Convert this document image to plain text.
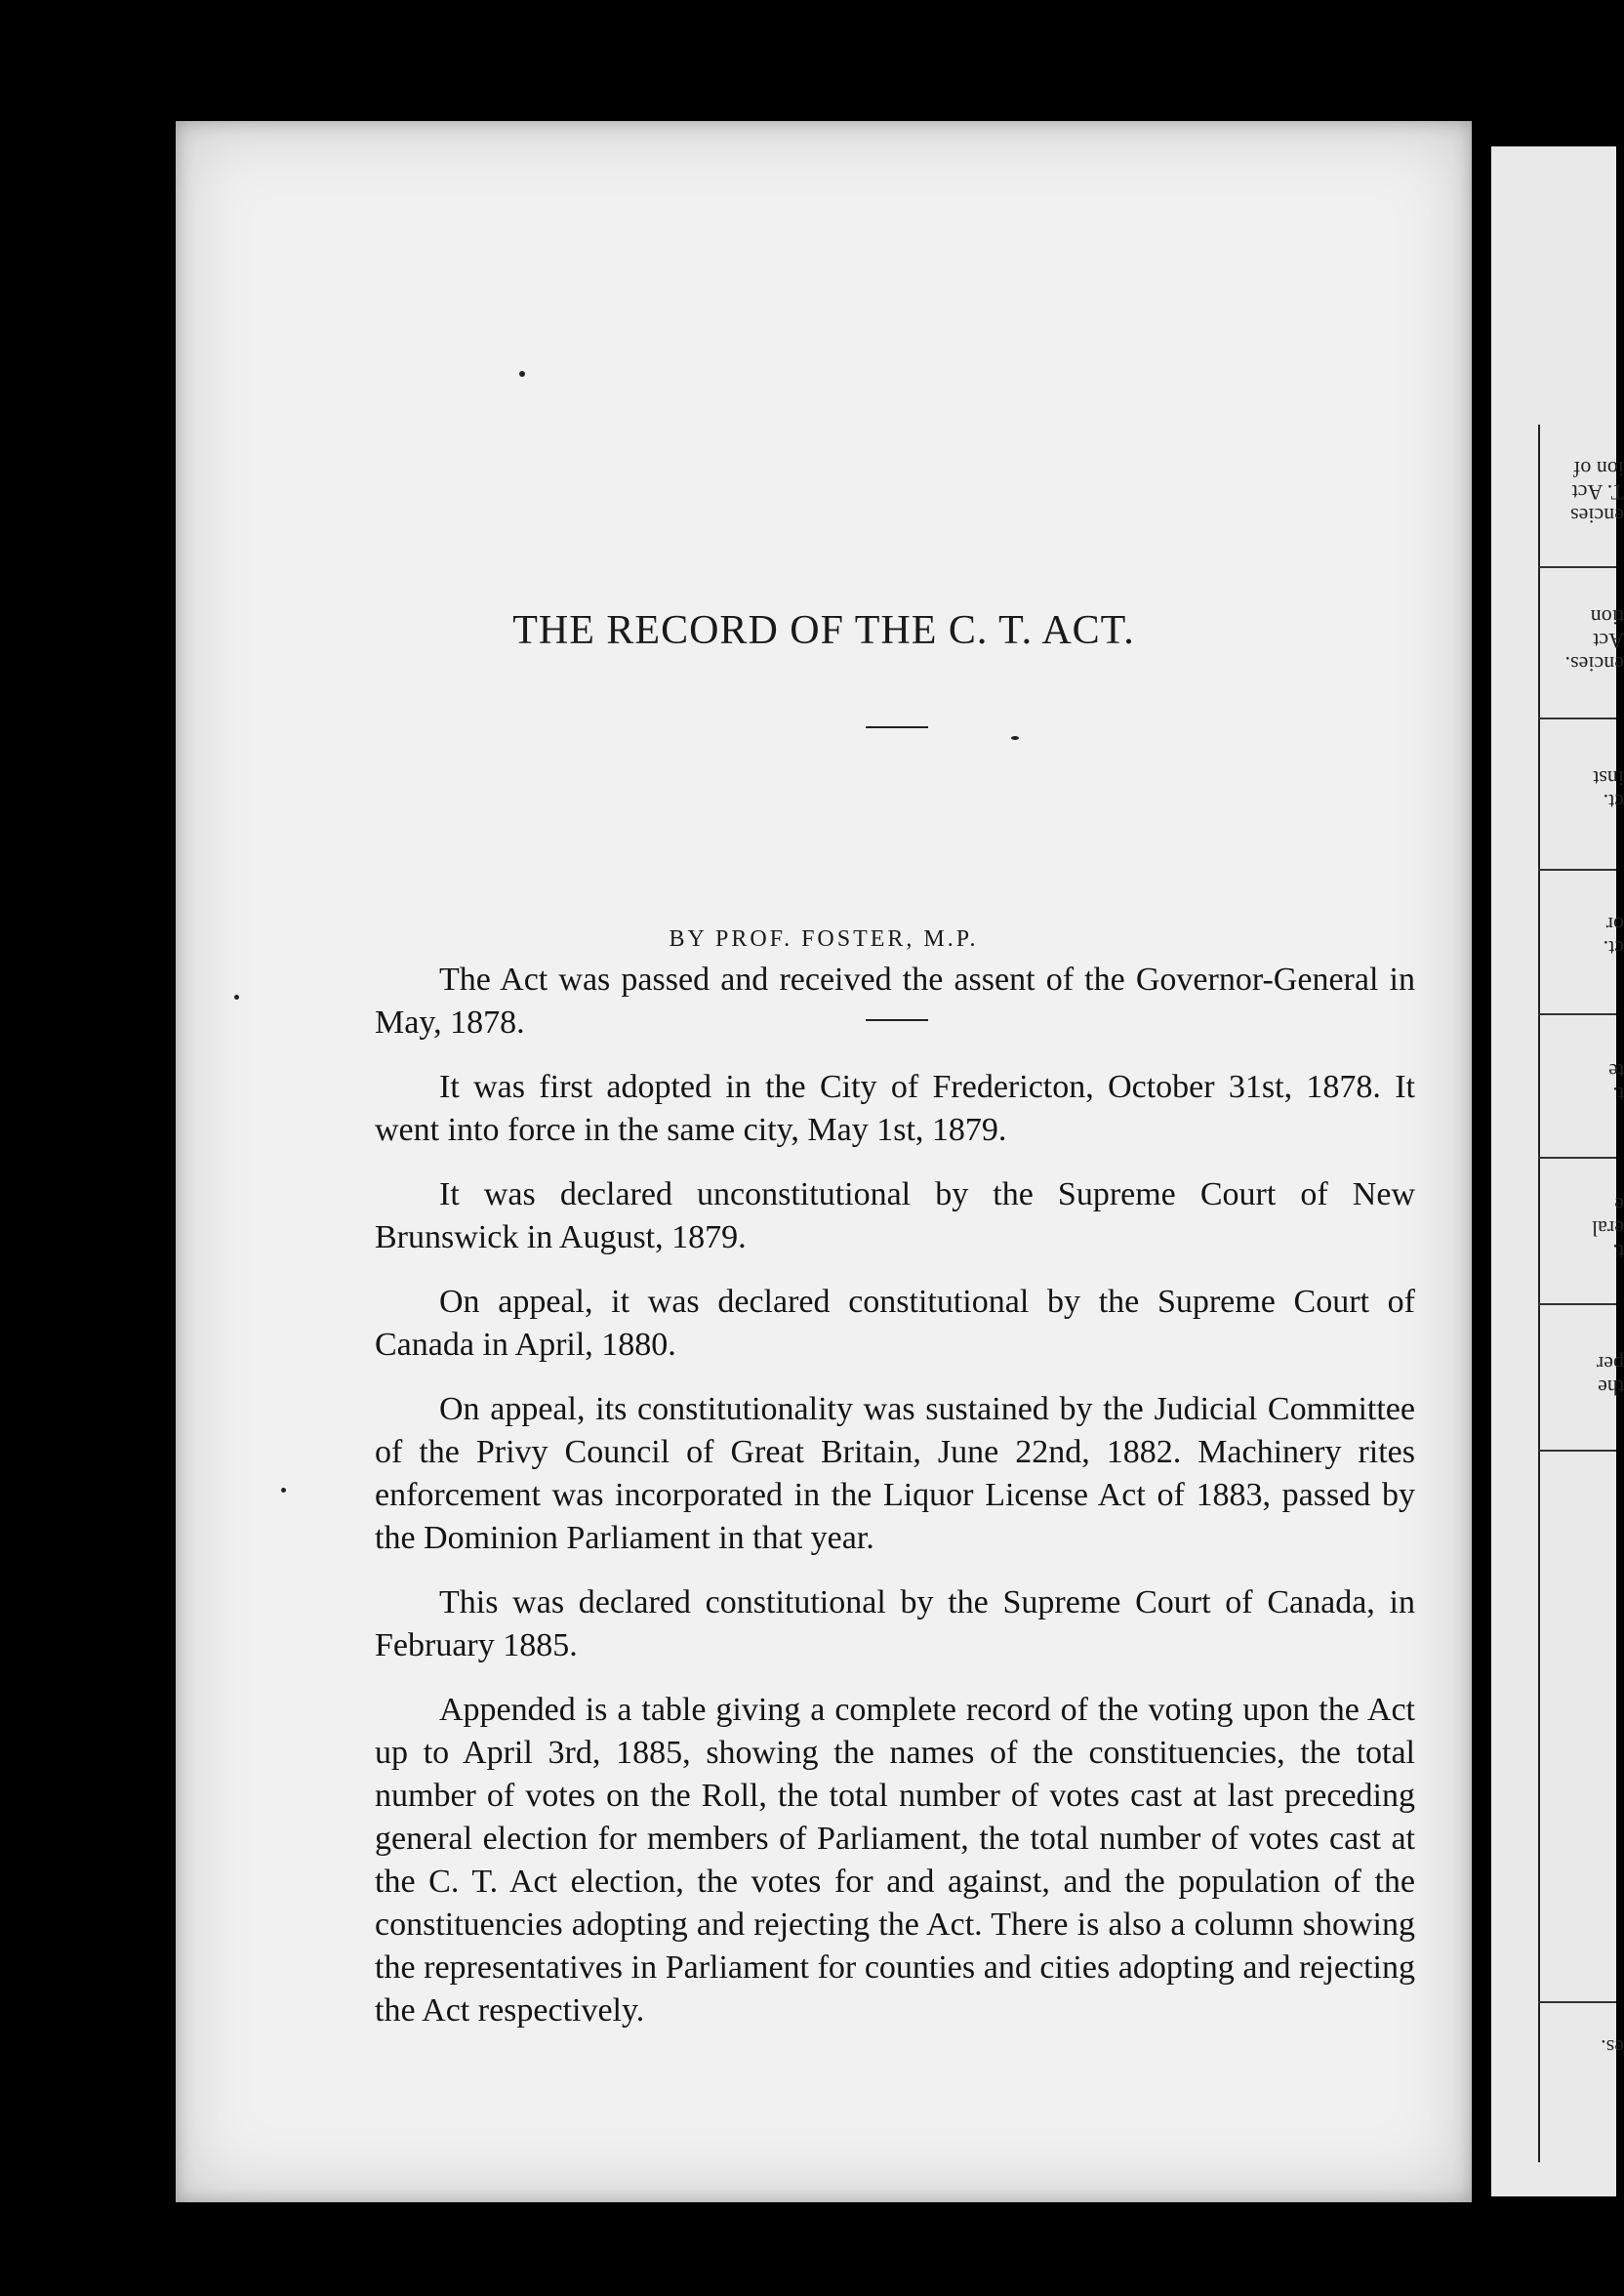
THE RECORD OF THE C. T. ACT.
BY PROF. FOSTER, M.P.

The Act was passed and received the assent of the Governor-General in May, 1878.

It was first adopted in the City of Fredericton, October 31st, 1878. It went into force in the same city, May 1st, 1879.

It was declared unconstitutional by the Supreme Court of New Brunswick in August, 1879.

On appeal, it was declared constitutional by the Supreme Court of Canada in April, 1880.

On appeal, its constitutionality was sustained by the Judicial Committee of the Privy Council of Great Britain, June 22nd, 1882. Machinery rites enforcement was incorporated in the Liquor License Act of 1883, passed by the Dominion Parliament in that year.

This was declared constitutional by the Supreme Court of Canada, in February 1885.

Appended is a table giving a complete record of the voting upon the Act up to April 3rd, 1885, showing the names of the constituencies, the total number of votes on the Roll, the total number of votes cast at last preceding general election for members of Parliament, the total number of votes cast at the C. T. Act election, the votes for and against, and the population of the constituencies adopting and rejecting the Act. There is also a column showing the representatives in Parliament for counties and cities adopting and rejecting the Act respectively.

encies
T. Act
ion of
encies.
Act
tion
ct.
inst
ct.
or
t.
te
t.
eral
e
the
per
es.
